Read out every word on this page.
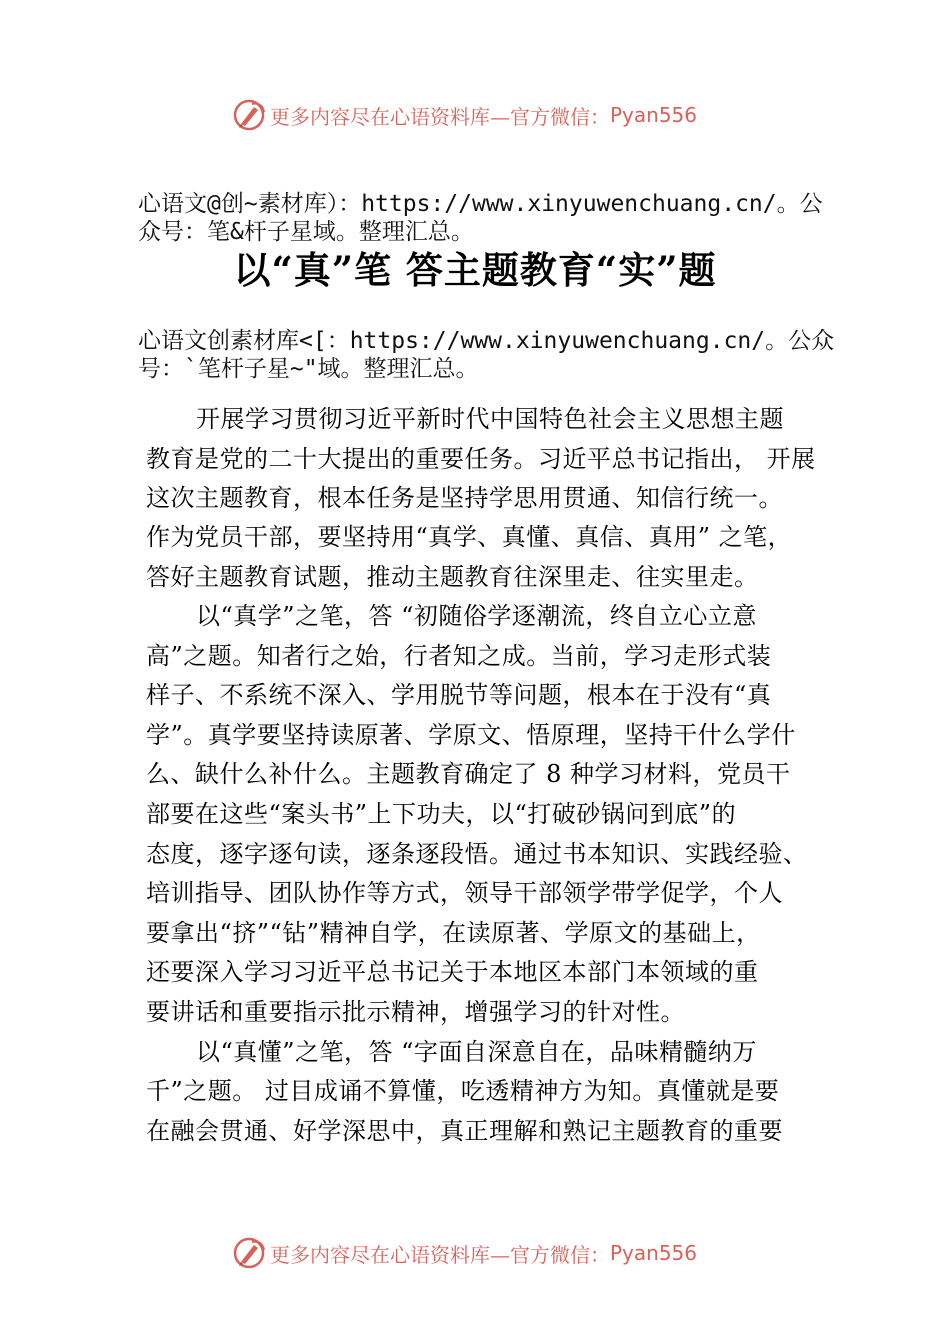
更多内容尽在心语资料库—官方微信： Pyan556
心语文@创~素材库）：https://www.xinyuwenchuang.cn/。公
众号：笔&杆子星域。整理汇总。
以“真”笔 答主题教育“实”题
心语文创素材库<[：https://www.xinyuwenchuang.cn/。公众
号：`笔杆子星~"域。整理汇总。
开展学习贯彻习近平新时代中国特色社会主义思想主题
教育是党的二十大提出的重要任务。习近平总书记指出， 开展
这次主题教育，根本任务是坚持学思用贯通、知信行统一。
作为党员干部，要坚持用“真学、真懂、真信、真用” 之笔，
答好主题教育试题，推动主题教育往深里走、往实里走。
以“真学”之笔，答 “初随俗学逐潮流，终自立心立意
高”之题。知者行之始，行者知之成。当前，学习走形式装
样子、不系统不深入、学用脱节等问题，根本在于没有“真
学”。真学要坚持读原著、学原文、悟原理，坚持干什么学什
么、缺什么补什么。主题教育确定了 8 种学习材料，党员干
部要在这些“案头书”上下功夫，以“打破砂锅问到底”的
态度，逐字逐句读，逐条逐段悟。通过书本知识、实践经验、
培训指导、团队协作等方式，领导干部领学带学促学，个人
要拿出“挤”“钻”精神自学，在读原著、学原文的基础上，
还要深入学习习近平总书记关于本地区本部门本领域的重
要讲话和重要指示批示精神，增强学习的针对性。
以“真懂”之笔，答 “字面自深意自在，品味精髓纳万
千”之题。 过目成诵不算懂，吃透精神方为知。真懂就是要
在融会贯通、好学深思中，真正理解和熟记主题教育的重要
更多内容尽在心语资料库—官方微信： Pyan556
